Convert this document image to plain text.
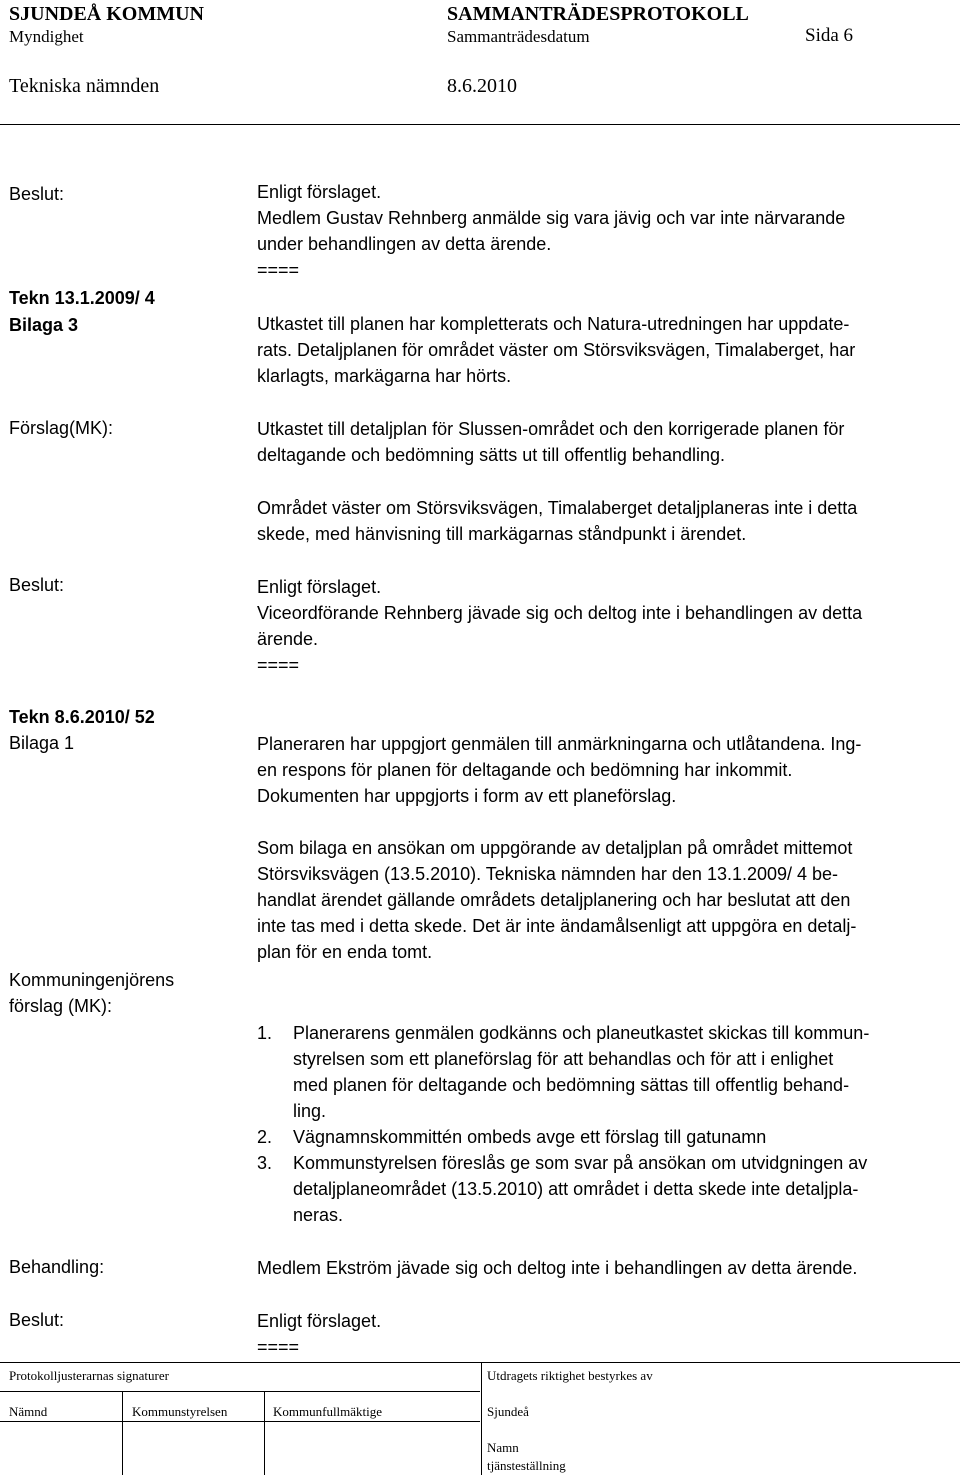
SJUNDEÅ KOMMUN	SAMMANTRÄDESPROTOKOLL
Myndighet	Sammanträdesdatum	Sida 6
Tekniska nämnden	8.6.2010
Beslut:	Enligt förslaget.
Medlem Gustav Rehnberg anmälde sig vara jävig och var inte närvarande
under behandlingen av detta ärende.
====
Tekn 13.1.2009/ 4
Bilaga 3	Utkastet till planen har kompletterats och Natura-utredningen har uppdate-
rats. Detaljplanen för området väster om Störsviksvägen, Timalaberget, har
klarlagts, markägarna har hörts.
Förslag(MK):	Utkastet till detaljplan för Slussen-området och den korrigerade planen för
deltagande och bedömning sätts ut till offentlig behandling.
Området väster om Störsviksvägen, Timalaberget detaljplaneras inte i detta
skede, med hänvisning till markägarnas ståndpunkt i ärendet.
Beslut:	Enligt förslaget.
Viceordförande Rehnberg jävade sig och deltog inte i behandlingen av detta
ärende.
====
Tekn 8.6.2010/ 52
Bilaga 1	Planeraren har uppgjort genmälen till anmärkningarna och utlåtandena. Ing-
en respons för planen för deltagande och bedömning har inkommit.
Dokumenten har uppgjorts i form av ett planeförslag.
Som bilaga en ansökan om uppgörande av detaljplan på området mittemot
Störsviksvägen (13.5.2010). Tekniska nämnden har den 13.1.2009/ 4 be-
handlat ärendet gällande områdets detaljplanering och har beslutat att den
inte tas med i detta skede. Det är inte ändamålsenligt att uppgöra en detalj-
plan för en enda tomt.
Kommuningenjörens
förslag (MK):
1. Planerarens genmälen godkänns och planeutkastet skickas till kommun-
styrelsen som ett planeförslag för att behandlas och för att i enlighet
med planen för deltagande och bedömning sättas till offentlig behand-
ling.
2. Vägnamnskommittén ombeds avge ett förslag till gatunamn
3. Kommunstyrelsen föreslås ge som svar på ansökan om utvidgningen av
detaljplaneområdet (13.5.2010) att området i detta skede inte detaljpla-
neras.
Behandling:	Medlem Ekström jävade sig och deltog inte i behandlingen av detta ärende.
Beslut:	Enligt förslaget.
====
Protokolljusterarnas signaturer	Utdragets riktighet bestyrkes av
Nämnd	Kommunstyrelsen	Kommunfullmäktige	Sjundeå
Namn
tjänsteställning
